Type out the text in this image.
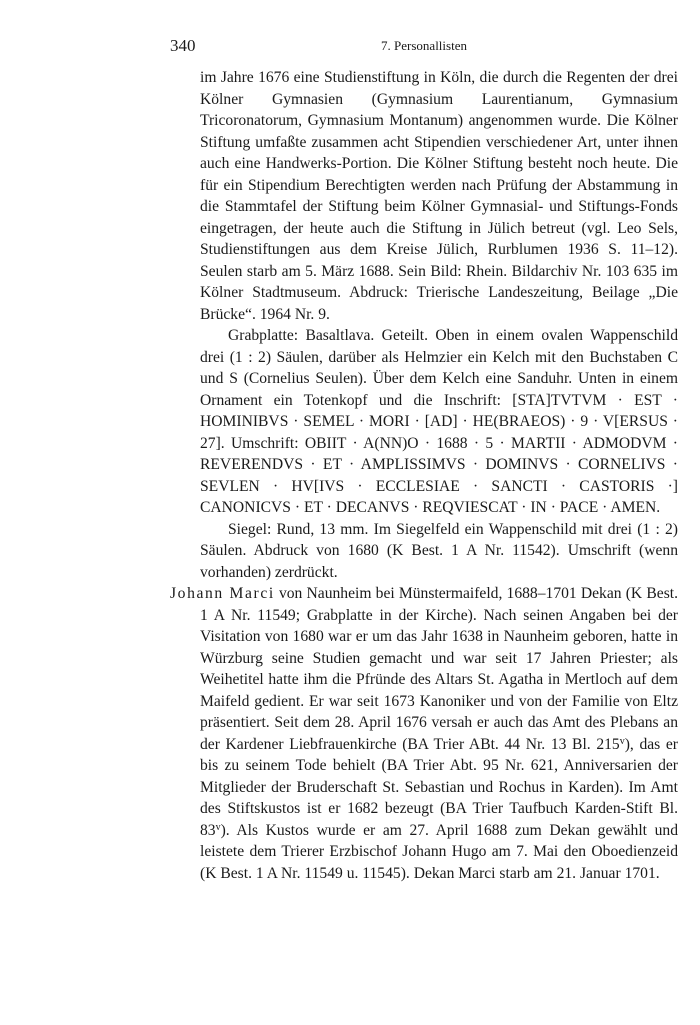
340	7. Personallisten

im Jahre 1676 eine Studienstiftung in Köln, die durch die Regenten der drei Kölner Gymnasien (Gymnasium Laurentianum, Gymnasium Tricoronatorum, Gymnasium Montanum) angenommen wurde. Die Kölner Stiftung umfaßte zusammen acht Stipendien verschiedener Art, unter ihnen auch eine Handwerks-Portion. Die Kölner Stiftung besteht noch heute. Die für ein Stipendium Berechtigten werden nach Prüfung der Abstammung in die Stammtafel der Stiftung beim Kölner Gymnasial- und Stiftungs-Fonds eingetragen, der heute auch die Stiftung in Jülich betreut (vgl. Leo Sels, Studienstiftungen aus dem Kreise Jülich, Rurblumen 1936 S. 11–12). Seulen starb am 5. März 1688. Sein Bild: Rhein. Bildarchiv Nr. 103 635 im Kölner Stadtmuseum. Abdruck: Trierische Landeszeitung, Beilage „Die Brücke“. 1964 Nr. 9.

Grabplatte: Basaltlava. Geteilt. Oben in einem ovalen Wappenschild drei (1 : 2) Säulen, darüber als Helmzier ein Kelch mit den Buchstaben C und S (Cornelius Seulen). Über dem Kelch eine Sanduhr. Unten in einem Ornament ein Totenkopf und die Inschrift: [STA]TVTVM · EST · HOMINIBVS · SEMEL · MORI · [AD] · HE(BRAEOS) · 9 · V[ERSUS · 27]. Umschrift: OBIIT · A(NN)O · 1688 · 5 · MARTII · ADMODVM · REVERENDVS · ET · AMPLISSIMVS · DOMINVS · CORNELIVS · SEVLEN · HV[IVS · ECCLESIAE · SANCTI · CASTORIS ·] CANONICVS · ET · DECANVS · REQVIESCAT · IN · PACE · AMEN.

Siegel: Rund, 13 mm. Im Siegelfeld ein Wappenschild mit drei (1 : 2) Säulen. Abdruck von 1680 (K Best. 1 A Nr. 11542). Umschrift (wenn vorhanden) zerdrückt.

Johann Marci von Naunheim bei Münstermaifeld, 1688–1701 Dekan (K Best. 1 A Nr. 11549; Grabplatte in der Kirche). Nach seinen Angaben bei der Visitation von 1680 war er um das Jahr 1638 in Naunheim geboren, hatte in Würzburg seine Studien gemacht und war seit 17 Jahren Priester; als Weihetitel hatte ihm die Pfründe des Altars St. Agatha in Mertloch auf dem Maifeld gedient. Er war seit 1673 Kanoniker und von der Familie von Eltz präsentiert. Seit dem 28. April 1676 versah er auch das Amt des Plebans an der Kardener Liebfrauenkirche (BA Trier ABt. 44 Nr. 13 Bl. 215$^v$), das er bis zu seinem Tode behielt (BA Trier Abt. 95 Nr. 621, Anniversarien der Mitglieder der Bruderschaft St. Sebastian und Rochus in Karden). Im Amt des Stiftskustos ist er 1682 bezeugt (BA Trier Taufbuch Karden-Stift Bl. 83$^v$). Als Kustos wurde er am 27. April 1688 zum Dekan gewählt und leistete dem Trierer Erzbischof Johann Hugo am 7. Mai den Oboedienzeid (K Best. 1 A Nr. 11549 u. 11545). Dekan Marci starb am 21. Januar 1701.
